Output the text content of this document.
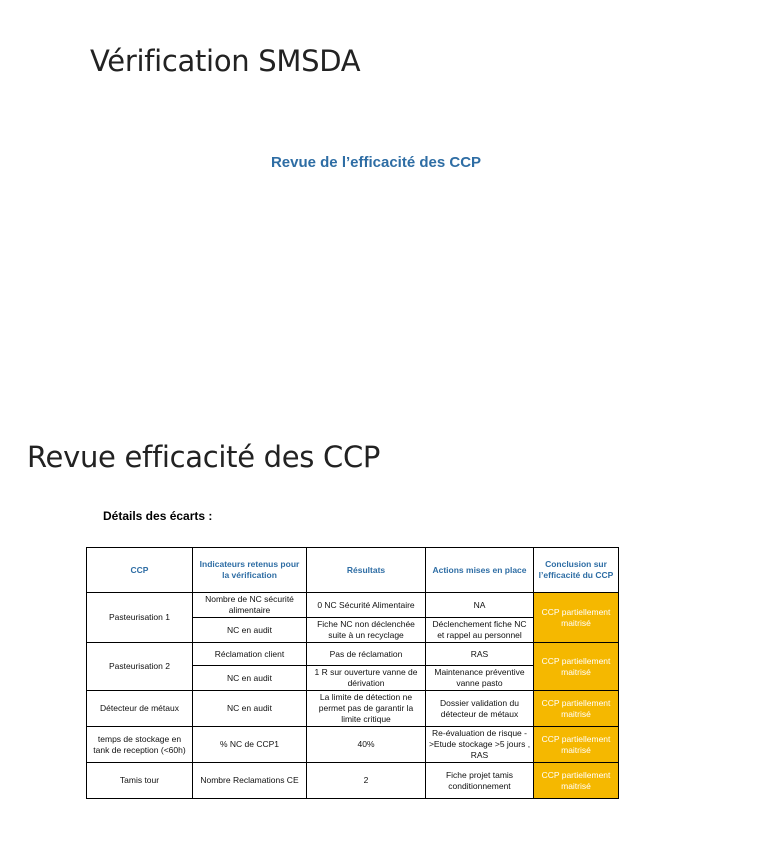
Vérification SMSDA
Revue de l’efficacité des CCP
Revue efficacité des CCP
Détails des écarts :
CCP	Indicateurs retenus pour la vérification	Résultats	Actions mises en place	Conclusion sur l’efficacité du CCP
Pasteurisation 1	Nombre de NC sécurité alimentaire	0 NC Sécurité Alimentaire	NA	CCP partiellement maitrisé
	NC en audit	Fiche NC non déclenchée suite à un recyclage	Déclenchement fiche NC et rappel au personnel	
Pasteurisation 2	Réclamation client	Pas de réclamation	RAS	CCP partiellement maitrisé
	NC en audit	1 R sur ouverture vanne de dérivation	Maintenance préventive vanne pasto	
Détecteur de métaux	NC en audit	La limite de détection ne permet pas de garantir la limite critique	Dossier validation du détecteur de métaux	CCP partiellement maitrisé
temps de stockage en tank de reception (<60h)	% NC de CCP1	40%	Re-évaluation de risque ->Etude stockage >5 jours , RAS	CCP partiellement maitrisé
Tamis tour	Nombre Reclamations CE	2	Fiche projet tamis conditionnement	CCP partiellement maitrisé
